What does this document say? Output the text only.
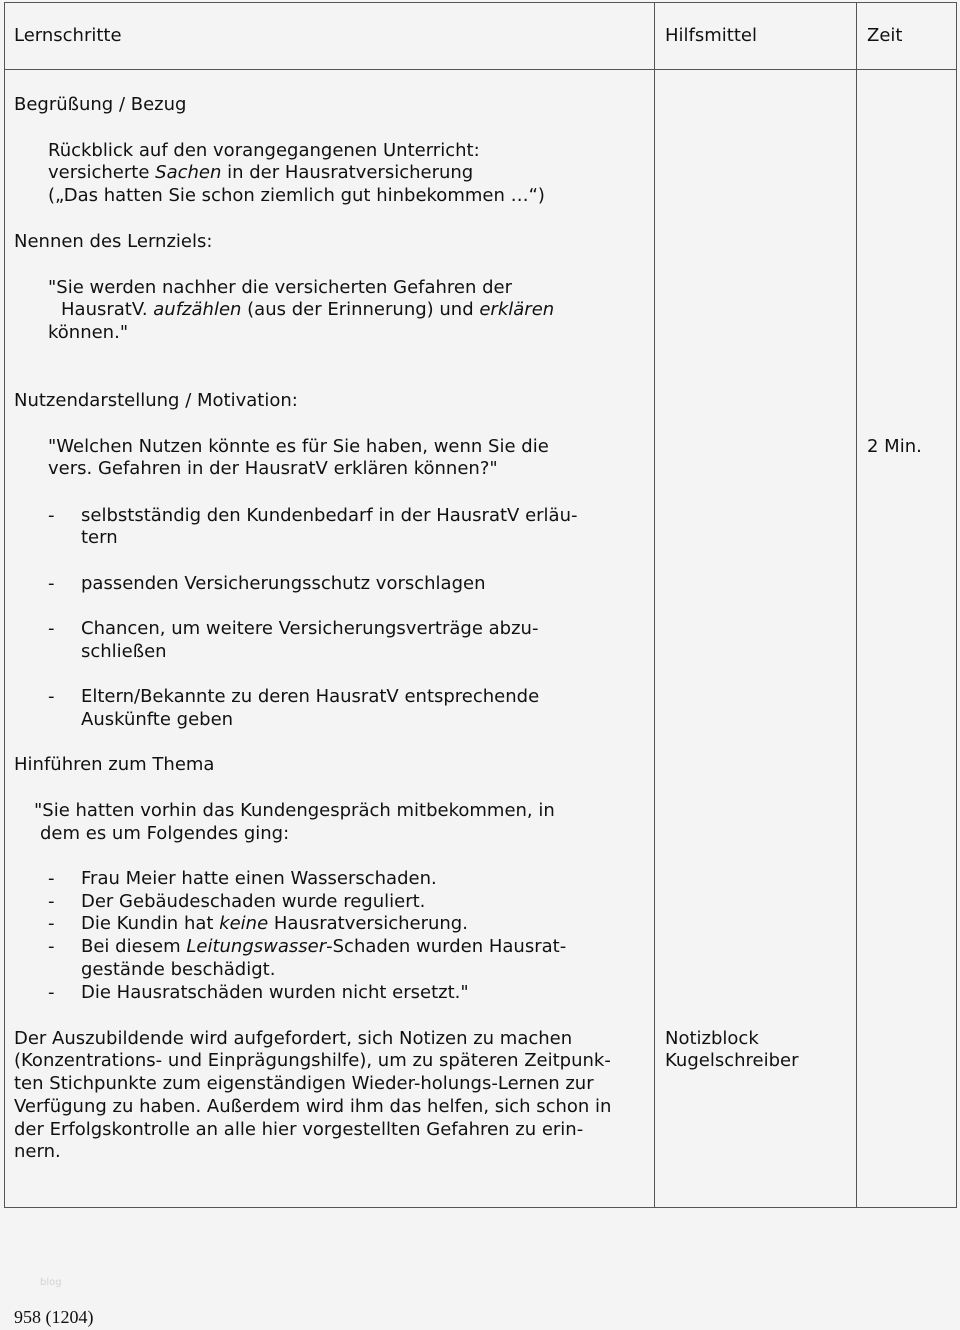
Lernschritte	Hilfsmittel	Zeit
Begrüßung / Bezug
Rückblick auf den vorangegangenen Unterricht:
versicherte Sachen in der Hausratversicherung
(„Das hatten Sie schon ziemlich gut hinbekommen …“)
Nennen des Lernziels:
"Sie werden nachher die versicherten Gefahren der
HausratV. aufzählen (aus der Erinnerung) und erklären
können."
Nutzendarstellung / Motivation:
"Welchen Nutzen könnte es für Sie haben, wenn Sie die
vers. Gefahren in der HausratV erklären können?"
- selbstständig den Kundenbedarf in der HausratV erläu-
tern
- passenden Versicherungsschutz vorschlagen
- Chancen, um weitere Versicherungsverträge abzu-
schließen
- Eltern/Bekannte zu deren HausratV entsprechende
Auskünfte geben
Hinführen zum Thema
"Sie hatten vorhin das Kundengespräch mitbekommen, in
dem es um Folgendes ging:
- Frau Meier hatte einen Wasserschaden.
- Der Gebäudeschaden wurde reguliert.
- Die Kundin hat keine Hausratversicherung.
- Bei diesem Leitungswasser-Schaden wurden Hausrat-
gestände beschädigt.
- Die Hausratschäden wurden nicht ersetzt."
Der Auszubildende wird aufgefordert, sich Notizen zu machen
(Konzentrations- und Einprägungshilfe), um zu späteren Zeitpunk-
ten Stichpunkte zum eigenständigen Wieder-holungs-Lernen zur
Verfügung zu haben. Außerdem wird ihm das helfen, sich schon in
der Erfolgskontrolle an alle hier vorgestellten Gefahren zu erin-
nern.
Notizblock
Kugelschreiber
2 Min.
blog
958 (1204)
